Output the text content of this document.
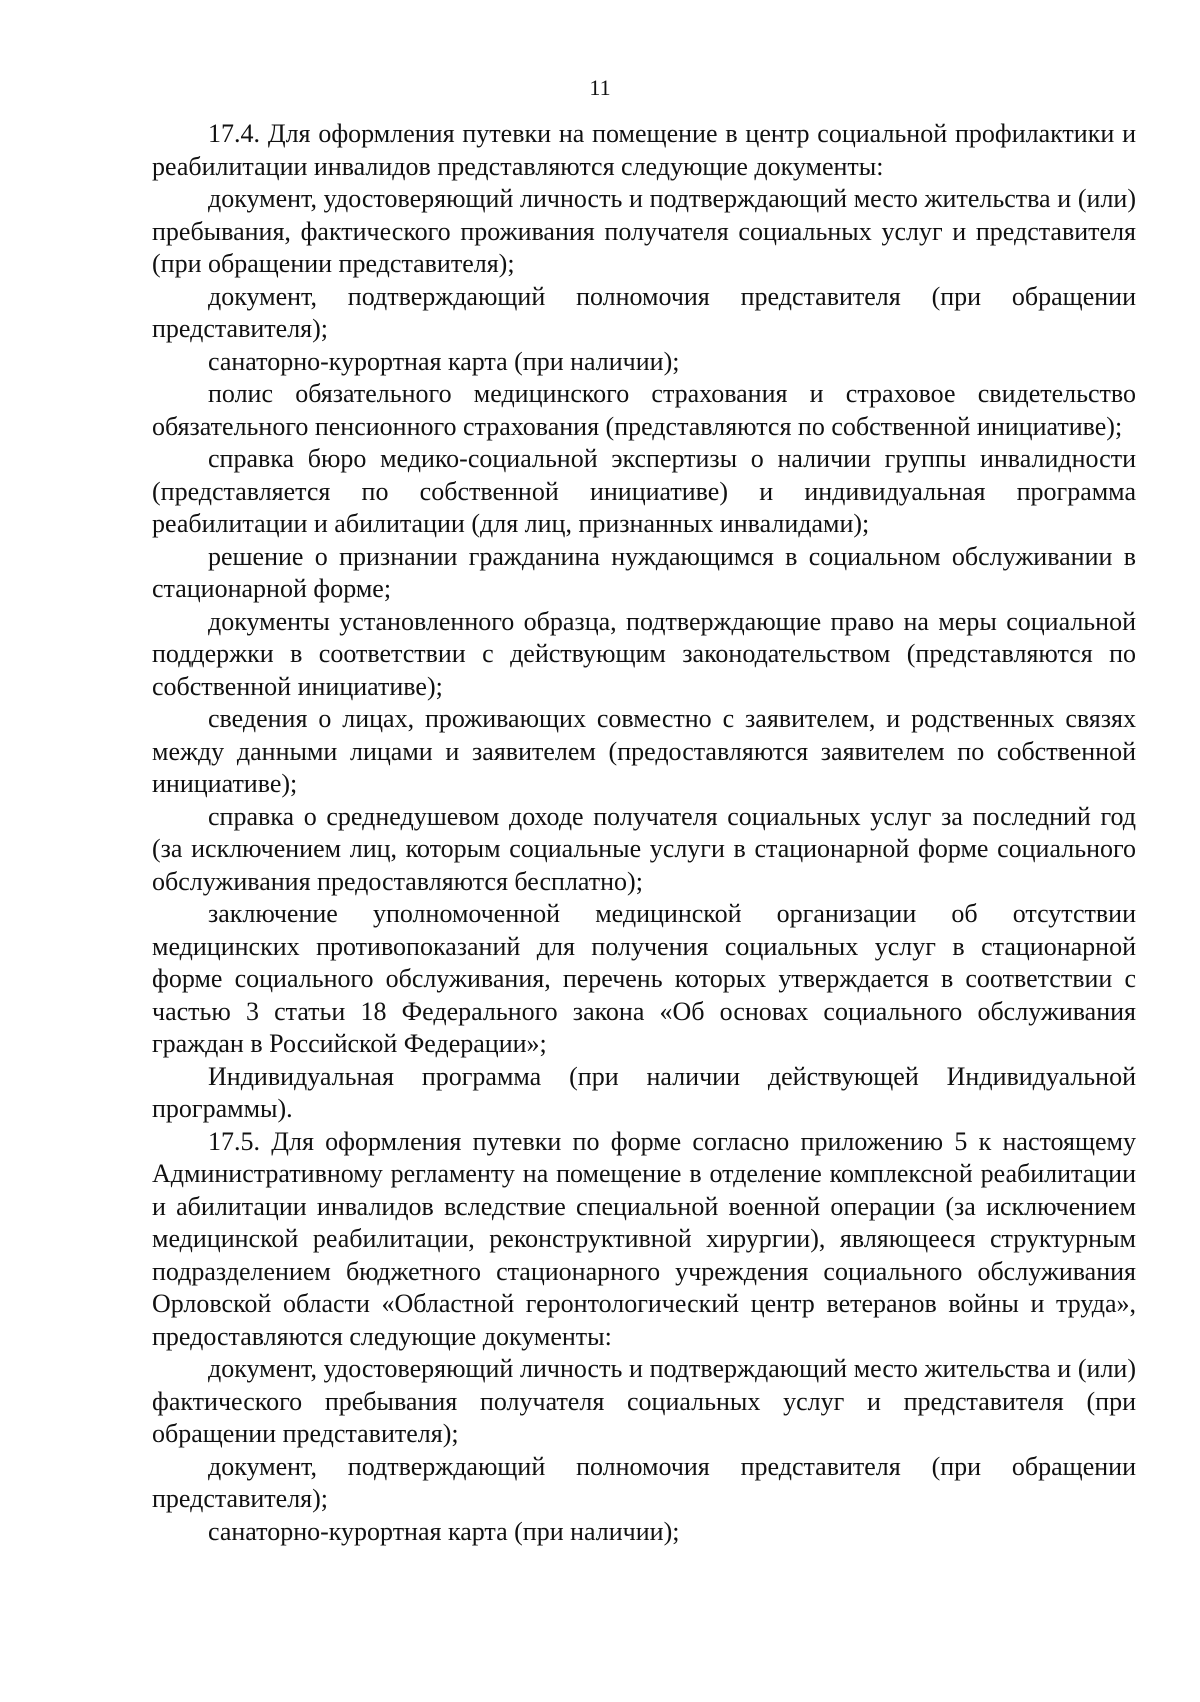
11

17.4. Для оформления путевки на помещение в центр социальной профилактики и реабилитации инвалидов представляются следующие документы:

документ, удостоверяющий личность и подтверждающий место жительства и (или) пребывания, фактического проживания получателя социальных услуг и представителя (при обращении представителя);

документ, подтверждающий полномочия представителя (при обращении представителя);

санаторно-курортная карта (при наличии);

полис обязательного медицинского страхования и страховое свидетельство обязательного пенсионного страхования (представляются по собственной инициативе);

справка бюро медико-социальной экспертизы о наличии группы инвалидности (представляется по собственной инициативе) и индивидуальная программа реабилитации и абилитации (для лиц, признанных инвалидами);

решение о признании гражданина нуждающимся в социальном обслуживании в стационарной форме;

документы установленного образца, подтверждающие право на меры социальной поддержки в соответствии с действующим законодательством (представляются по собственной инициативе);

сведения о лицах, проживающих совместно с заявителем, и родственных связях между данными лицами и заявителем (предоставляются заявителем по собственной инициативе);

справка о среднедушевом доходе получателя социальных услуг за последний год (за исключением лиц, которым социальные услуги в стационарной форме социального обслуживания предоставляются бесплатно);

заключение уполномоченной медицинской организации об отсутствии медицинских противопоказаний для получения социальных услуг в стационарной форме социального обслуживания, перечень которых утверждается в соответствии с частью 3 статьи 18 Федерального закона «Об основах социального обслуживания граждан в Российской Федерации»;

Индивидуальная программа (при наличии действующей Индивидуальной программы).

17.5. Для оформления путевки по форме согласно приложению 5 к настоящему Административному регламенту на помещение в отделение комплексной реабилитации и абилитации инвалидов вследствие специальной военной операции (за исключением медицинской реабилитации, реконструктивной хирургии), являющееся структурным подразделением бюджетного стационарного учреждения социального обслуживания Орловской области «Областной геронтологический центр ветеранов войны и труда», предоставляются следующие документы:

документ, удостоверяющий личность и подтверждающий место жительства и (или) фактического пребывания получателя социальных услуг и представителя (при обращении представителя);

документ, подтверждающий полномочия представителя (при обращении представителя);

санаторно-курортная карта (при наличии);
